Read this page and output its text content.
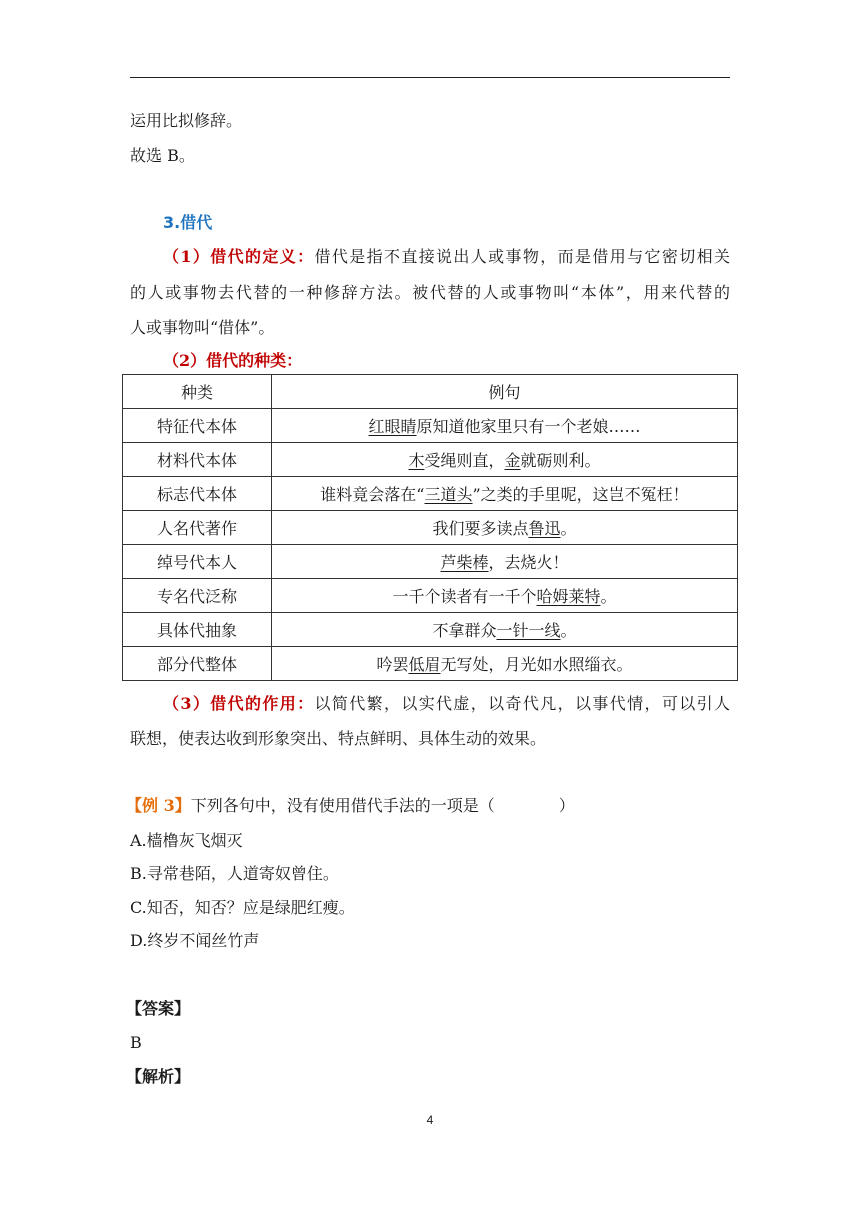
运用比拟修辞。
故选 B。
3.借代
（1）借代的定义：借代是指不直接说出人或事物，而是借用与它密切相关
的人或事物去代替的一种修辞方法。被代替的人或事物叫“本体”，用来代替的
人或事物叫“借体”。
（2）借代的种类：
种类	例句
特征代本体	红眼睛原知道他家里只有一个老娘……
材料代本体	木受绳则直，金就砺则利。
标志代本体	谁料竟会落在“三道头”之类的手里呢，这岂不冤枉！
人名代著作	我们要多读点鲁迅。
绰号代本人	芦柴棒，去烧火！
专名代泛称	一千个读者有一千个哈姆莱特。
具体代抽象	不拿群众一针一线。
部分代整体	吟罢低眉无写处，月光如水照缁衣。
（3）借代的作用：以简代繁，以实代虚，以奇代凡，以事代情，可以引人
联想，使表达收到形象突出、特点鲜明、具体生动的效果。
【例 3】下列各句中，没有使用借代手法的一项是（　　　　）
A.樯橹灰飞烟灭
B.寻常巷陌，人道寄奴曾住。
C.知否，知否？应是绿肥红瘦。
D.终岁不闻丝竹声
【答案】
B
【解析】
4
